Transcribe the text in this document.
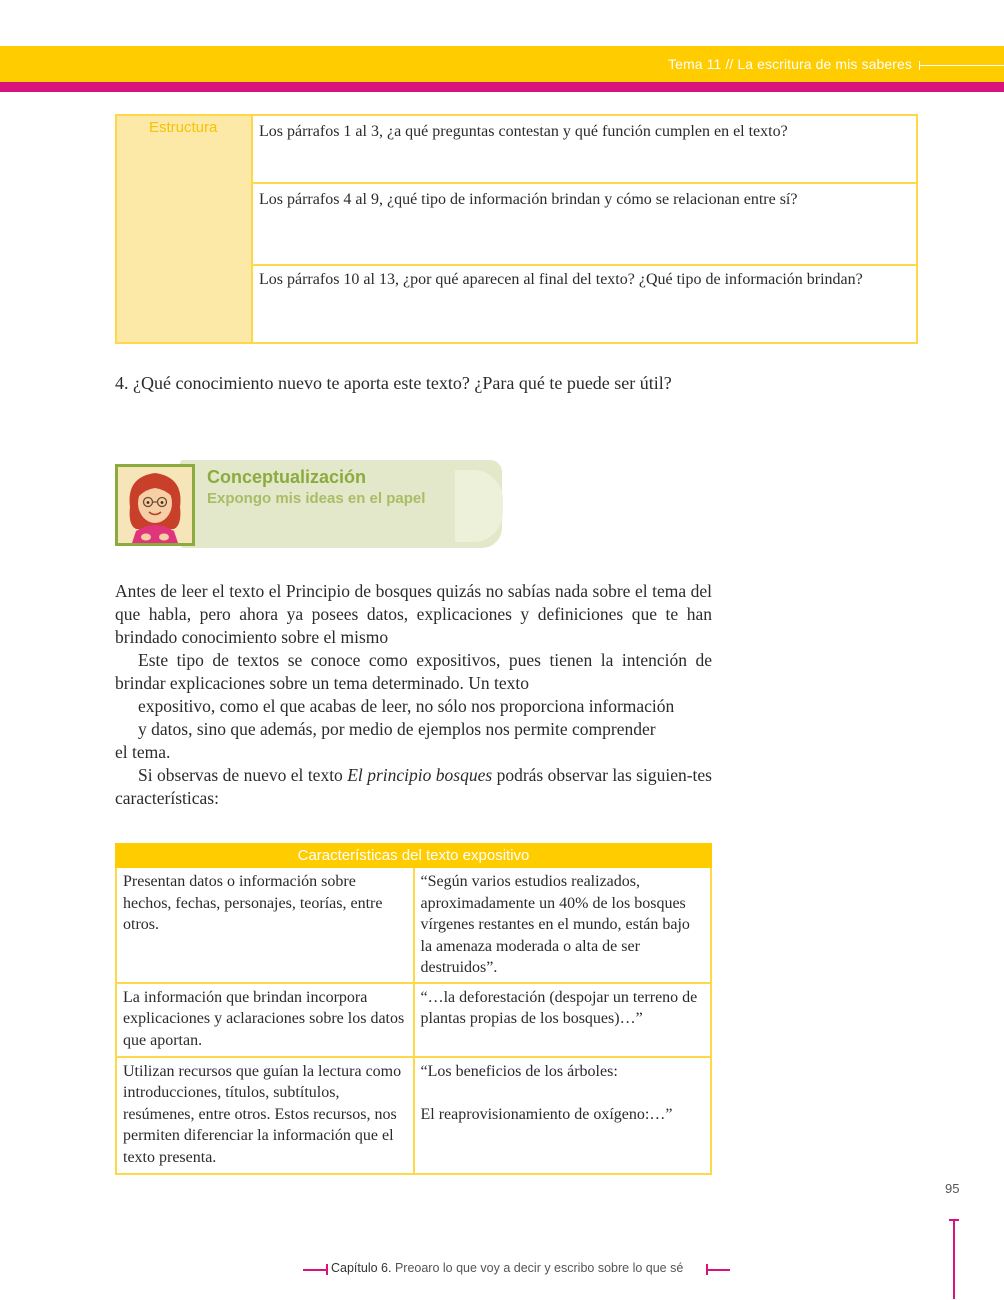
Tema 11 // La escritura de mis saberes
Estructura	Los párrafos 1 al 3, ¿a qué preguntas contestan y qué función cumplen en el texto?
Los párrafos 4 al 9, ¿qué tipo de información brindan y cómo se relacionan entre sí?
Los párrafos 10 al 13, ¿por qué aparecen al final del texto? ¿Qué tipo de información brindan?
4. ¿Qué conocimiento nuevo te aporta este texto? ¿Para qué te puede ser útil?
Conceptualización
Expongo mis ideas en el papel

Antes de leer el texto el Principio de bosques quizás no sabías nada sobre el tema del que habla, pero ahora ya posees datos, explicaciones y definiciones que te han brindado conocimiento sobre el mismo

Este tipo de textos se conoce como expositivos, pues tienen la intención de brindar explicaciones sobre un tema determinado. Un texto

expositivo, como el que acabas de leer, no sólo nos proporciona información

y datos, sino que además, por medio de ejemplos nos permite comprender

el tema.

Si observas de nuevo el texto El principio bosques podrás observar las siguien-tes características:

Características del texto expositivo	
Presentan datos o información sobre hechos, fechas, personajes, teorías, entre otros.	“Según varios estudios realizados, aproximadamente un 40% de los bosques vírgenes restantes en el mundo, están bajo la amenaza moderada o alta de ser destruidos”.
La información que brindan incorpora explicaciones y aclaraciones sobre los datos que aportan.	“…la deforestación (despojar un terreno de plantas propias de los bosques)…”
Utilizan recursos que guían la lectura como introducciones, títulos, subtítulos, resúmenes, entre otros. Estos recursos, nos permiten diferenciar la información que el texto presenta.	“Los beneficios de los árboles:
El reaprovisionamiento de oxígeno:…”
95
Capítulo 6. Preoaro lo que voy a decir y escribo sobre lo que sé
